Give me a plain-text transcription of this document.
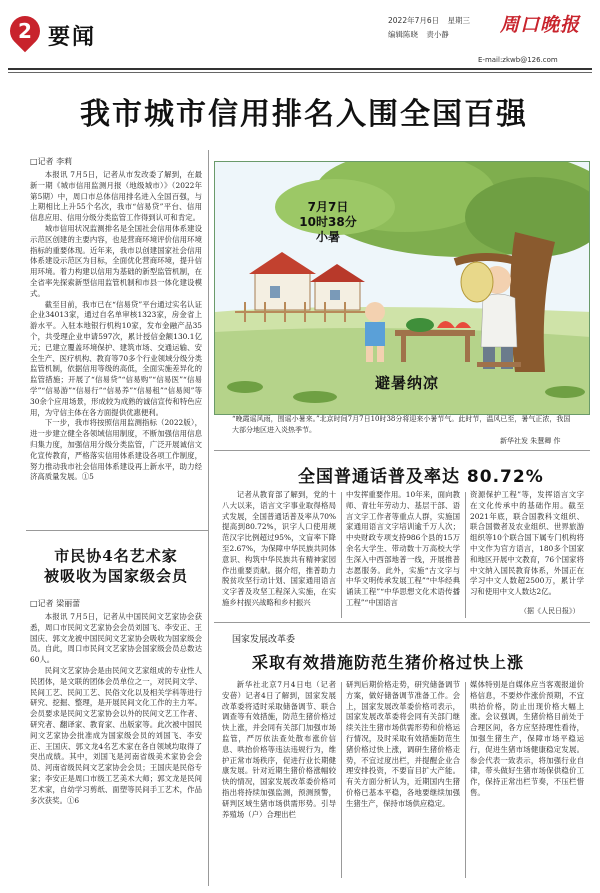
2 要闻
2022年7月6日 星期三
编辑陈晓 责小静	周口晚报
E-mail:zkwb@126.com
我市城市信用排名入围全国百强
□记者 李莉

本报讯 7月5日，记者从市发改委了解到，在最新一期《城市信用监测月报（地级城市）》（2022年第5期）中，周口市总体信用排名进入全国百强，与上期相比上升55个名次，我市“信易贷”平台、信用信息应用、信用分级分类监管工作得到认可和肯定。

城市信用状况监测排名是全国社会信用体系建设示范区创建的主要内容，也是营商环境评价信用环境指标的重要体现。近年来，我市以创建国家社会信用体系建设示范区为目标，全面优化营商环境，提升信用环境。着力构建以信用为基础的新型监管机制，在全省率先探索新型信用监管机制和市县一体化建设模式。

截至目前，我市已在“信易贷”平台通过实名认证企业34013家，通过自名单审核1323家，房金省上游水平。入驻本地银行机构10家，发布金融产品35个，共受理企业申请597次，累计授信金额130.1亿元；已建立覆盖环境保护、建筑市场、交通运输、安全生产、医疗机构、教育等70多个行业领域分级分类监管机制，依据信用等级的高低，全面实施差异化的监管措施；开展了“信易贷”“信易购”“信易医”“信易学”“信易游”“信易行”“信易养”“信易租”“信易阅”等30余个应用场景，形成较为成熟的诚信宣传和特色应用，为守信主体在各方面提供优惠便利。

下一步，我市将按照信用监测指标（2022版），进一步建立健全各领域信用制度，不断加强信用信息归集力度，加强信用分级分类监管，广泛开展诚信文化宣传教育，严格落实信用体系建设各项工作制度，努力推动我市社会信用体系建设再上新水平，助力经济高质量发展。①5

市民协4名艺术家
被吸收为国家级会员
□记者 梁丽蕾

本报讯 7月5日，记者从中国民间文艺家协会获悉，周口市民间文艺家协会会员刘国飞、李安正、王国庆、郭文龙被中国民间文艺家协会吸收为国家级会员。自此，周口市民间文艺家协会国家级会员总数达60人。

民间文艺家协会是由民间文艺家组成的专业性人民团体，是文联的团体会员单位之一，对民间文学、民间工艺、民间工艺、民俗文化以及相关学科等进行研究、挖掘、整理，是开展民间文化工作的主力军。会员要求是民间文艺家协会以外的民间文艺工作者、研究者、翻译家、教育家、出版家等。此次被中国民间文艺家协会批准成为国家级会员的刘国飞、李安正、王国庆、郭文龙4名艺术家在各自领域均取得了突出成绩。其中，刘国飞是河南省级美术家协会会员、河南省级民间文艺家协会会员；王国庆是民俗专家；李安正是周口市级工艺美术大师；郭文龙是民间艺术家，自幼学习剪纸、面塑等民间手工艺术，作品多次获奖。①6

7月7日
10时38分
小暑
避暑纳凉
“晚霞谣风雨，围谣小暑来。”北京时间7月7日10时38分将迎来小暑节气。此时节，温风已至，暑气正浓，我国大部分地区进入炎热季节。
新华社发 朱慧卿 作
全国普通话普及率达 80.72%

记者从教育部了解到，党的十八大以来，语言文字事业取得格局式发展，全国普通话普及率从70%提高到80.72%，识字人口使用规范汉字比例超过95%，文盲率下降至2.67%，为保障中华民族共同体意识、构筑中华民族共有精神家园作出重要贡献。据介绍，推普助力脱贫攻坚行动计划、国家通用语言文字普及攻坚工程深入实施，在实施乡村振兴战略和乡村振兴

中发挥重要作用。10年来，面向教师、青壮年劳动力、基层干部、语言文字工作者等重点人群，实施国家通用语言文字培训逾千万人次；中央财政专项支持986个县的15万余名大学生、带动数十万高校大学生深入中西部地普一线，开展推普志愿服务。此外，实施“古文字与中华文明传承发展工程”“中华经典诵读工程”“中华思想文化术语传播工程”“中国语言

资源保护工程”等，发挥语言文字在文化传承中的基础作用。截至2021年底，联合国教科文组织、联合国微者及农业组织、世界旅游组织等10个联合国下属专门机构将中文作为官方语言，180多个国家和地区开展中文教育，76个国家将中文纳入国民教育体系，外国正在学习中文人数超2500万，累计学习和使用中文人数达2亿。

（据《人民日报》）
国家发展改革委
采取有效措施防范生猪价格过快上涨

新华社北京7月4日电（记者 安蓓）记者4日了解到，国家发展改革委将适时采取储备调节、联合调查等有效措施，防范生猪价格过快上涨，并会同有关部门加强市场监管，严厉依法查处散布涨价信息、哄抬价格等违法违规行为，维护正常市场秩序，促进行业长期健康发展。针对近期生猪价格涨幅较快的情况，国家发展改革委价格司指出将持续加强监测，预测预警，研判区域生猪市场供需形势。引导养殖场（户）合理出栏

研判后期价格走势，研究储备调节方案，做好储备调节准备工作。会上，国家发展改革委价格司表示，国家发展改革委将会同有关部门继续关注生猪市场供需形势和价格运行情况，及时采取有效措施防范生猪价格过快上涨，调研生猪价格走势，不宜过度出栏，并提醒企业合理安排投资，不要盲目扩大产能。有关方面分析认为，近期国内生猪价格已基本平稳，各地要继续加强生猪生产，保持市场供应稳定。

媒体特别是自媒体应当客观报道价格信息，不要炒作涨价预期，不宜哄抬价格，防止出现价格大幅上涨。会议强调，生猪价格目前处于合理区间，各方应坚持理性看待，加强生猪生产，保障市场平稳运行，促进生猪市场健康稳定发展。参会代表一致表示，将加强行业自律，带头做好生猪市场保供稳价工作，保持正常出栏节奏，不压栏惜售。
